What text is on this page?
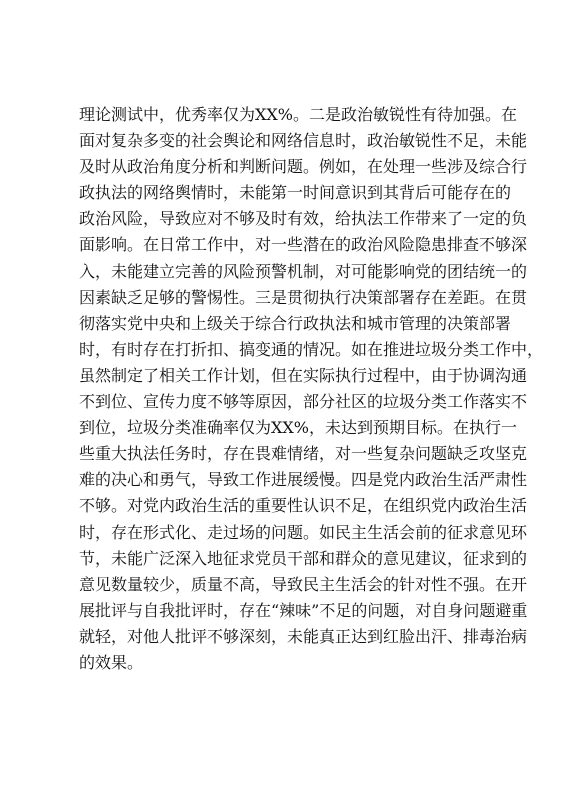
理论测试中，优秀率仅为XX%。二是政治敏锐性有待加强。在
面对复杂多变的社会舆论和网络信息时，政治敏锐性不足，未能
及时从政治角度分析和判断问题。例如，在处理一些涉及综合行
政执法的网络舆情时，未能第一时间意识到其背后可能存在的
政治风险，导致应对不够及时有效，给执法工作带来了一定的负
面影响。在日常工作中，对一些潜在的政治风险隐患排查不够深
入，未能建立完善的风险预警机制，对可能影响党的团结统一的
因素缺乏足够的警惕性。三是贯彻执行决策部署存在差距。在贯
彻落实党中央和上级关于综合行政执法和城市管理的决策部署
时，有时存在打折扣、搞变通的情况。如在推进垃圾分类工作中，
虽然制定了相关工作计划，但在实际执行过程中，由于协调沟通
不到位、宣传力度不够等原因，部分社区的垃圾分类工作落实不
到位，垃圾分类准确率仅为XX%，未达到预期目标。在执行一
些重大执法任务时，存在畏难情绪，对一些复杂问题缺乏攻坚克
难的决心和勇气，导致工作进展缓慢。四是党内政治生活严肃性
不够。对党内政治生活的重要性认识不足，在组织党内政治生活
时，存在形式化、走过场的问题。如民主生活会前的征求意见环
节，未能广泛深入地征求党员干部和群众的意见建议，征求到的
意见数量较少，质量不高，导致民主生活会的针对性不强。在开
展批评与自我批评时，存在“辣味”不足的问题，对自身问题避重
就轻，对他人批评不够深刻，未能真正达到红脸出汗、排毒治病
的效果。
